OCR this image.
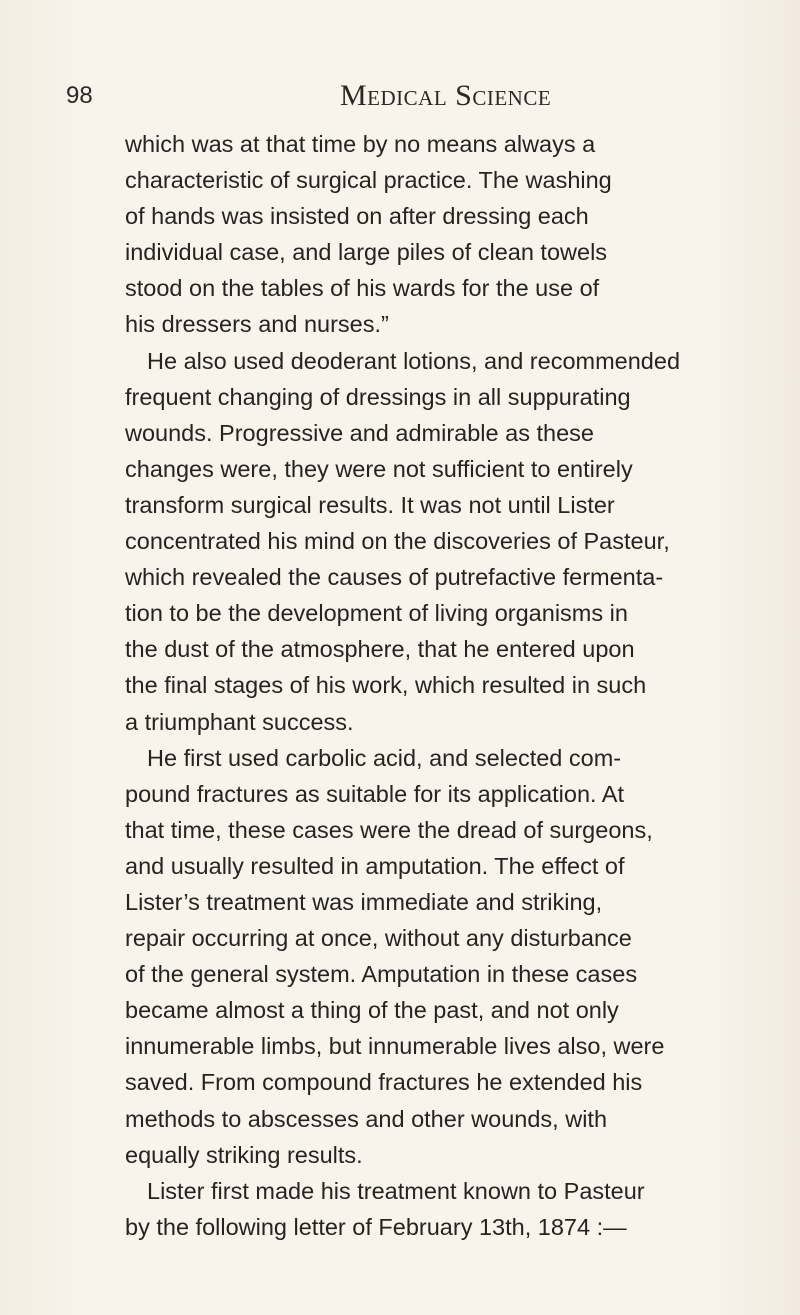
98	Medical Science
which was at that time by no means always a
characteristic of surgical practice. The washing
of hands was insisted on after dressing each
individual case, and large piles of clean towels
stood on the tables of his wards for the use of
his dressers and nurses.”
He also used deoderant lotions, and recommended
frequent changing of dressings in all suppurating
wounds. Progressive and admirable as these
changes were, they were not sufficient to entirely
transform surgical results. It was not until Lister
concentrated his mind on the discoveries of Pasteur,
which revealed the causes of putrefactive fermenta-
tion to be the development of living organisms in
the dust of the atmosphere, that he entered upon
the final stages of his work, which resulted in such
a triumphant success.
He first used carbolic acid, and selected com-
pound fractures as suitable for its application. At
that time, these cases were the dread of surgeons,
and usually resulted in amputation. The effect of
Lister’s treatment was immediate and striking,
repair occurring at once, without any disturbance
of the general system. Amputation in these cases
became almost a thing of the past, and not only
innumerable limbs, but innumerable lives also, were
saved. From compound fractures he extended his
methods to abscesses and other wounds, with
equally striking results.
Lister first made his treatment known to Pasteur
by the following letter of February 13th, 1874 :—
